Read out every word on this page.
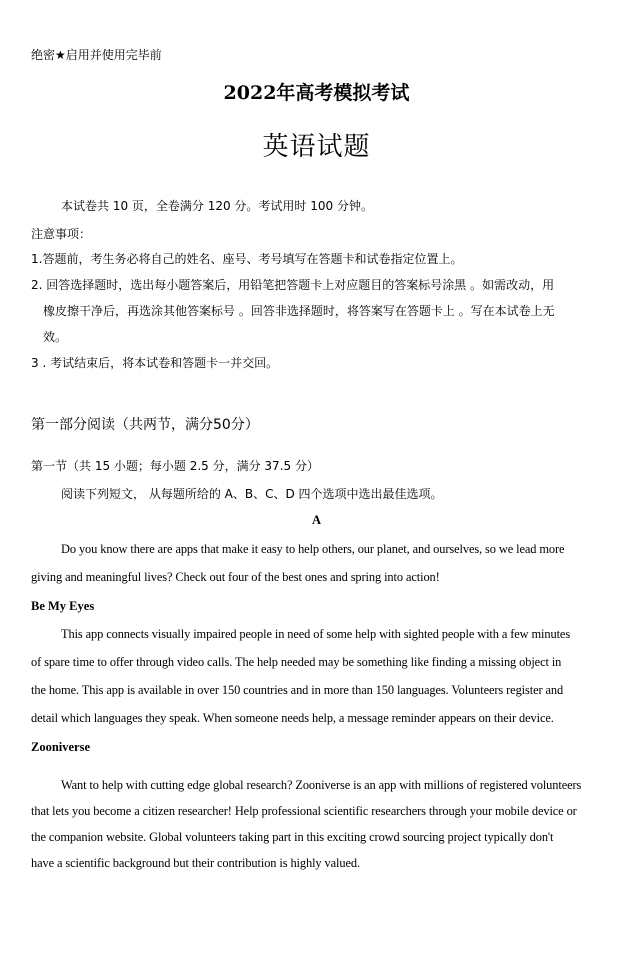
绝密★启用并使用完毕前
2022年高考模拟考试
英语试题
本试卷共 10 页，全卷满分 120 分。考试用时 100 分钟。
注意事项：
1.答题前，考生务必将自己的姓名、座号、考号填写在答题卡和试卷指定位置上。
2. 回答选择题时，选出每小题答案后，用铅笔把答题卡上对应题目的答案标号涂黑 。如需改动，用
橡皮擦干净后，再选涂其他答案标号 。回答非选择题时，将答案写在答题卡上 。写在本试卷上无
效。
3 . 考试结束后，将本试卷和答题卡一并交回。
第一部分阅读（共两节，满分50分）
第一节（共 15 小题；每小题 2.5 分，满分 37.5 分）
阅读下列短文， 从每题所给的 A、B、C、D 四个选项中选出最佳选项。
A
Do you know there are apps that make it easy to help others, our planet, and ourselves, so we lead more
giving and meaningful lives? Check out four of the best ones and spring into action!
Be My Eyes
This app connects visually impaired people in need of some help with sighted people with a few minutes
of spare time to offer through video calls. The help needed may be something like finding a missing object in
the home. This app is available in over 150 countries and in more than 150 languages. Volunteers register and
detail which languages they speak. When someone needs help, a message reminder appears on their device.
Zooniverse
Want to help with cutting edge global research? Zooniverse is an app with millions of registered volunteers
that lets you become a citizen researcher! Help professional scientific researchers through your mobile device or
the companion website. Global volunteers taking part in this exciting crowd sourcing project typically don't
have a scientific background but their contribution is highly valued.
